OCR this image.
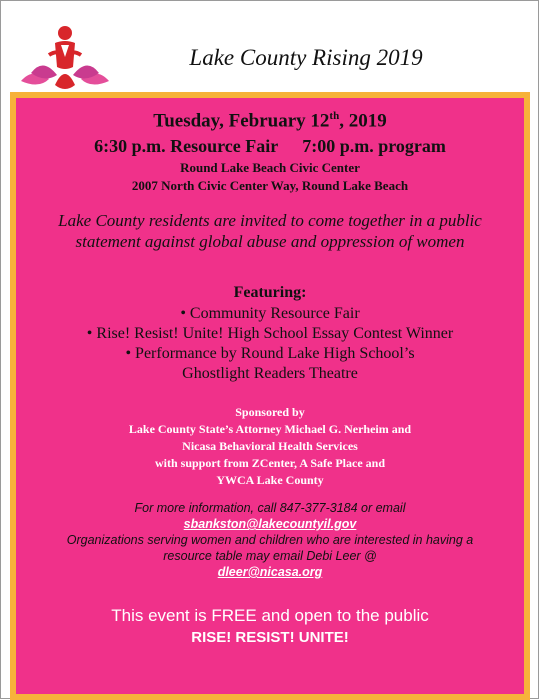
Lake County Rising 2019
Tuesday, February 12th, 2019
6:30 p.m. Resource Fair 7:00 p.m. program
Round Lake Beach Civic Center
2007 North Civic Center Way, Round Lake Beach
Lake County residents are invited to come together in a public statement against global abuse and oppression of women
Featuring:
• Community Resource Fair
• Rise! Resist! Unite! High School Essay Contest Winner
• Performance by Round Lake High School’s
Ghostlight Readers Theatre
Sponsored by
Lake County State’s Attorney Michael G. Nerheim and
Nicasa Behavioral Health Services
with support from ZCenter, A Safe Place and
YWCA Lake County
For more information, call 847-377-3184 or email
sbankston@lakecountyil.gov
Organizations serving women and children who are interested in having a
resource table may email Debi Leer @
dleer@nicasa.org
This event is FREE and open to the public
RISE! RESIST! UNITE!
